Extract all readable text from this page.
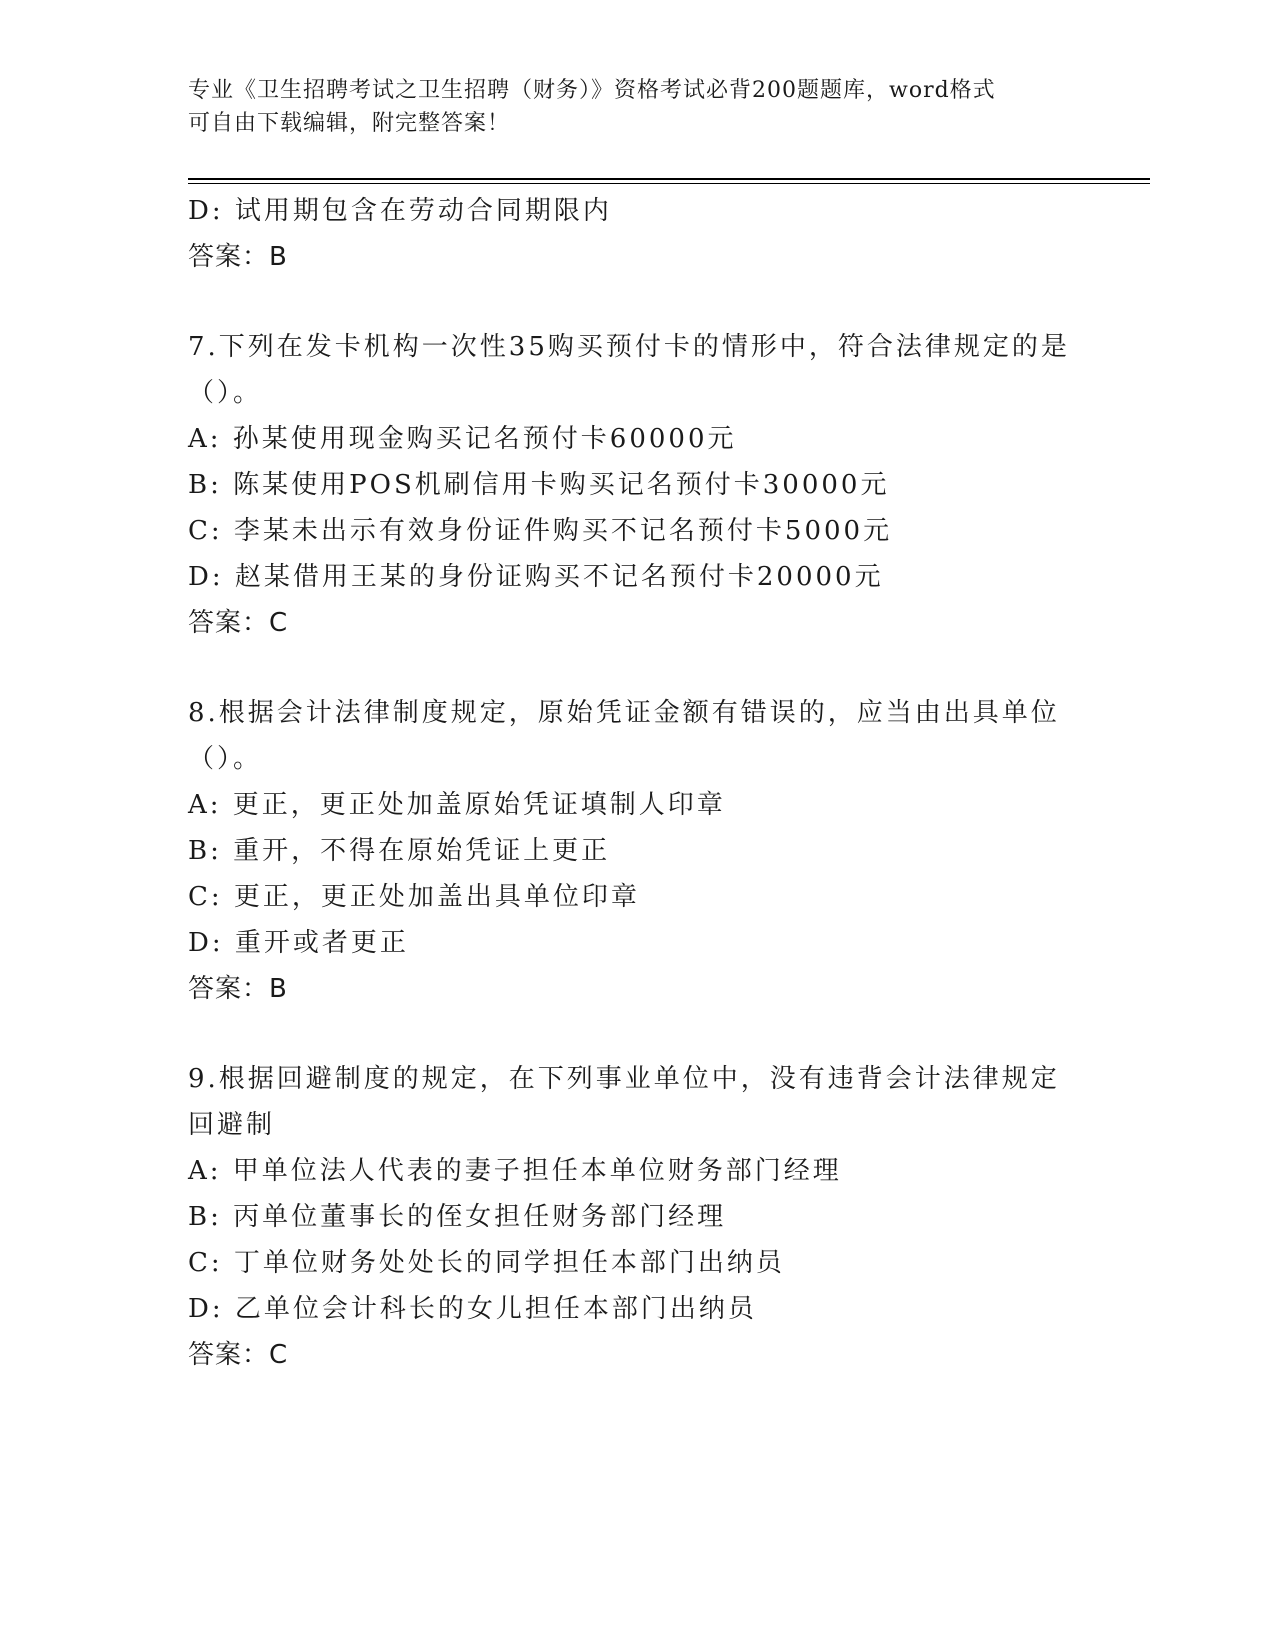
专业《卫生招聘考试之卫生招聘（财务）》资格考试必背200题题库，word格式
可自由下载编辑，附完整答案！
D: 试用期包含在劳动合同期限内
答案：B
7.下列在发卡机构一次性35购买预付卡的情形中，符合法律规定的是
（）。
A: 孙某使用现金购买记名预付卡60000元
B: 陈某使用POS机刷信用卡购买记名预付卡30000元
C: 李某未出示有效身份证件购买不记名预付卡5000元
D: 赵某借用王某的身份证购买不记名预付卡20000元
答案：C
8.根据会计法律制度规定，原始凭证金额有错误的，应当由出具单位
（）。
A: 更正，更正处加盖原始凭证填制人印章
B: 重开，不得在原始凭证上更正
C: 更正，更正处加盖出具单位印章
D: 重开或者更正
答案：B
9.根据回避制度的规定，在下列事业单位中，没有违背会计法律规定
回避制
A: 甲单位法人代表的妻子担任本单位财务部门经理
B: 丙单位董事长的侄女担任财务部门经理
C: 丁单位财务处处长的同学担任本部门出纳员
D: 乙单位会计科长的女儿担任本部门出纳员
答案：C
